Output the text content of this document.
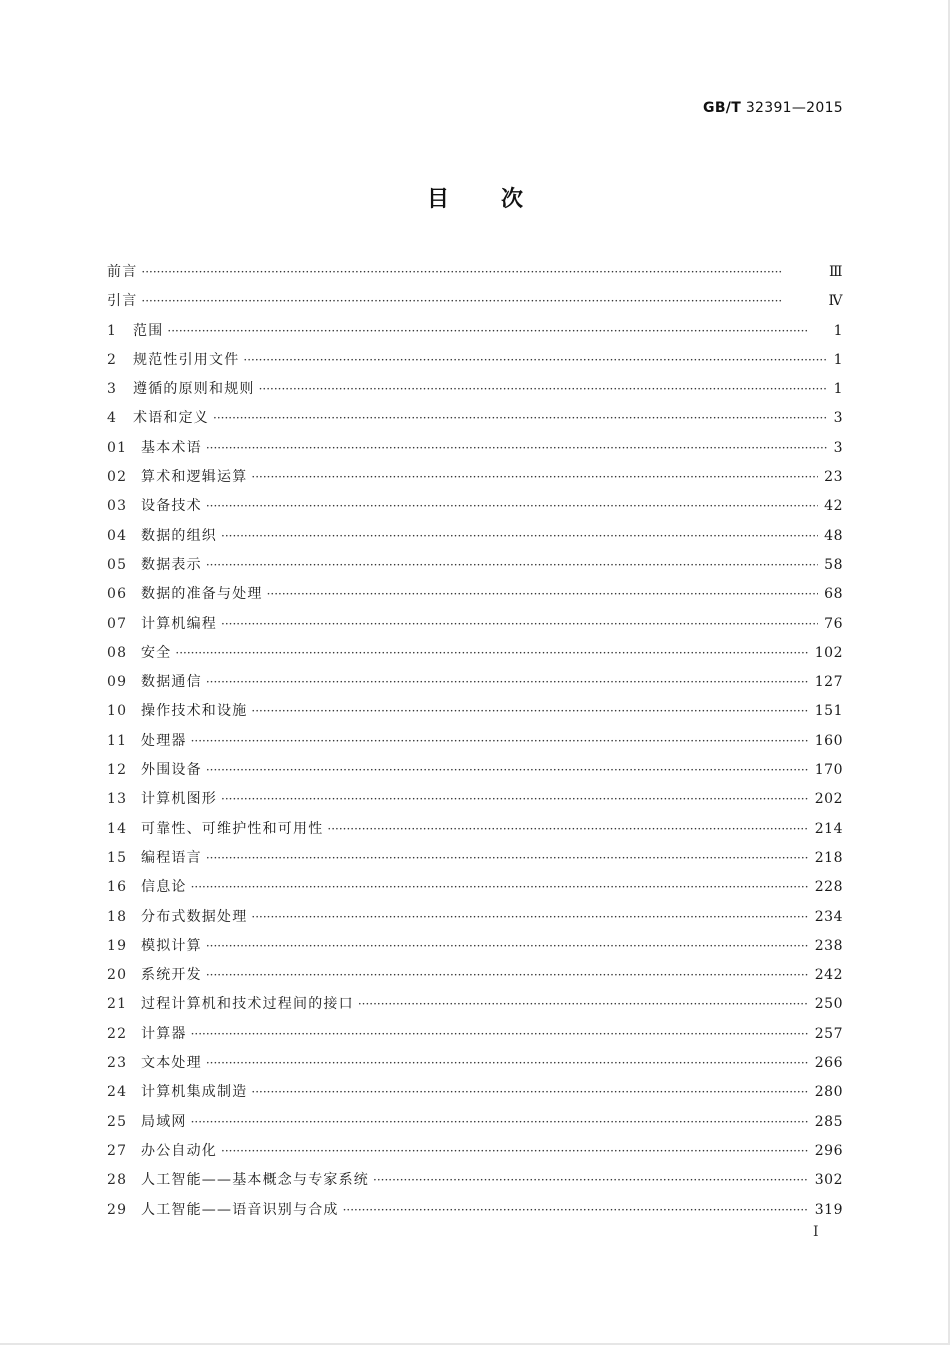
GB/T 32391—2015
目 次
前言 ·····	Ⅲ
引言 ·····	Ⅳ
1	范围 ·····	1
2	规范性引用文件 ·····	1
3	遵循的原则和规则 ·····	1
4	术语和定义 ·····	3
01 基本术语 ·····	3
02 算术和逻辑运算 ·····	23
03 设备技术 ·····	42
04 数据的组织 ·····	48
05 数据表示 ·····	58
06 数据的准备与处理 ·····	68
07 计算机编程 ·····	76
08 安全 ·····	102
09 数据通信 ·····	127
10 操作技术和设施 ·····	151
11 处理器 ·····	160
12 外围设备 ·····	170
13 计算机图形 ·····	202
14 可靠性、可维护性和可用性 ·····	214
15 编程语言 ·····	218
16 信息论 ·····	228
18 分布式数据处理 ·····	234
19 模拟计算 ·····	238
20 系统开发 ·····	242
21 过程计算机和技术过程间的接口 ·····	250
22 计算器 ·····	257
23 文本处理 ·····	266
24 计算机集成制造 ·····	280
25 局域网 ·····	285
27 办公自动化 ·····	296
28 人工智能——基本概念与专家系统 ·····	302
29 人工智能——语音识别与合成 ·····	319
Ⅰ
